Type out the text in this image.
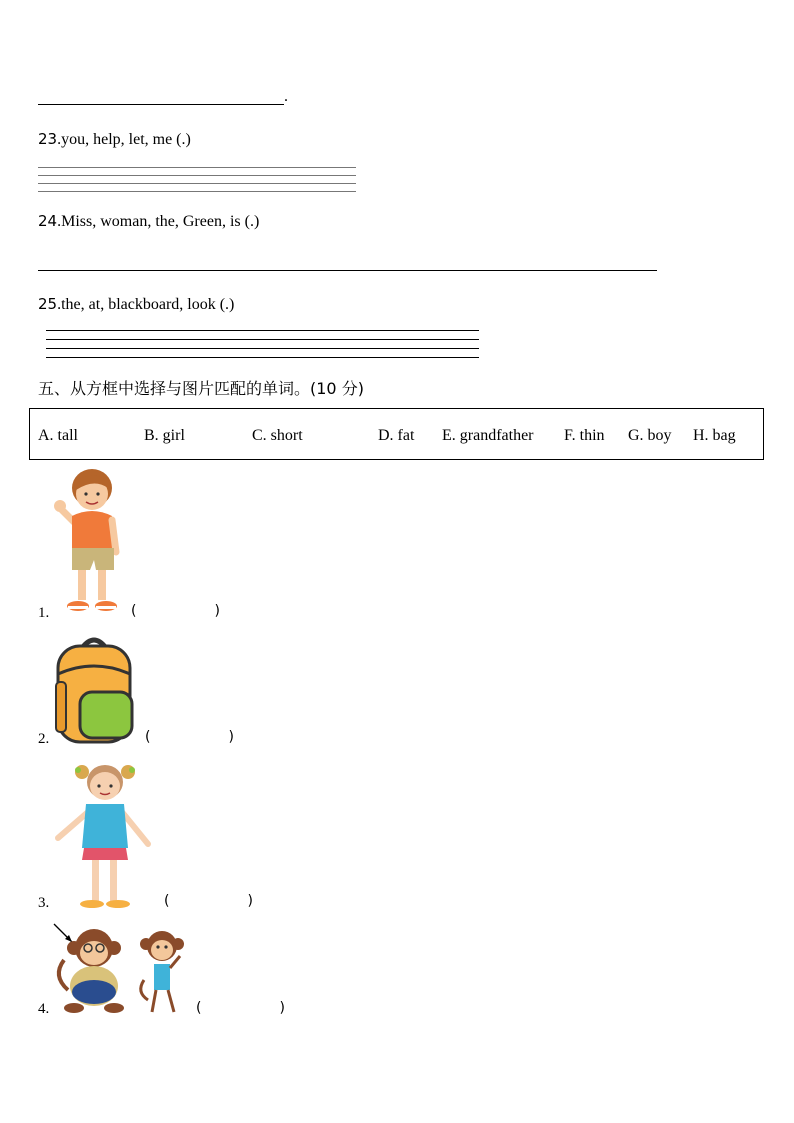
.
23.you, help, let, me (.)
24.Miss, woman, the, Green, is (.)
25.the, at, blackboard, look (.)
五、从方框中选择与图片匹配的单词。(10 分)
A. tall	B. girl	C. short	D. fat E. grandfather F. thin G. boy H. bag
1.	(	)
2.	(	)
3.	(	)
4.	(	)
